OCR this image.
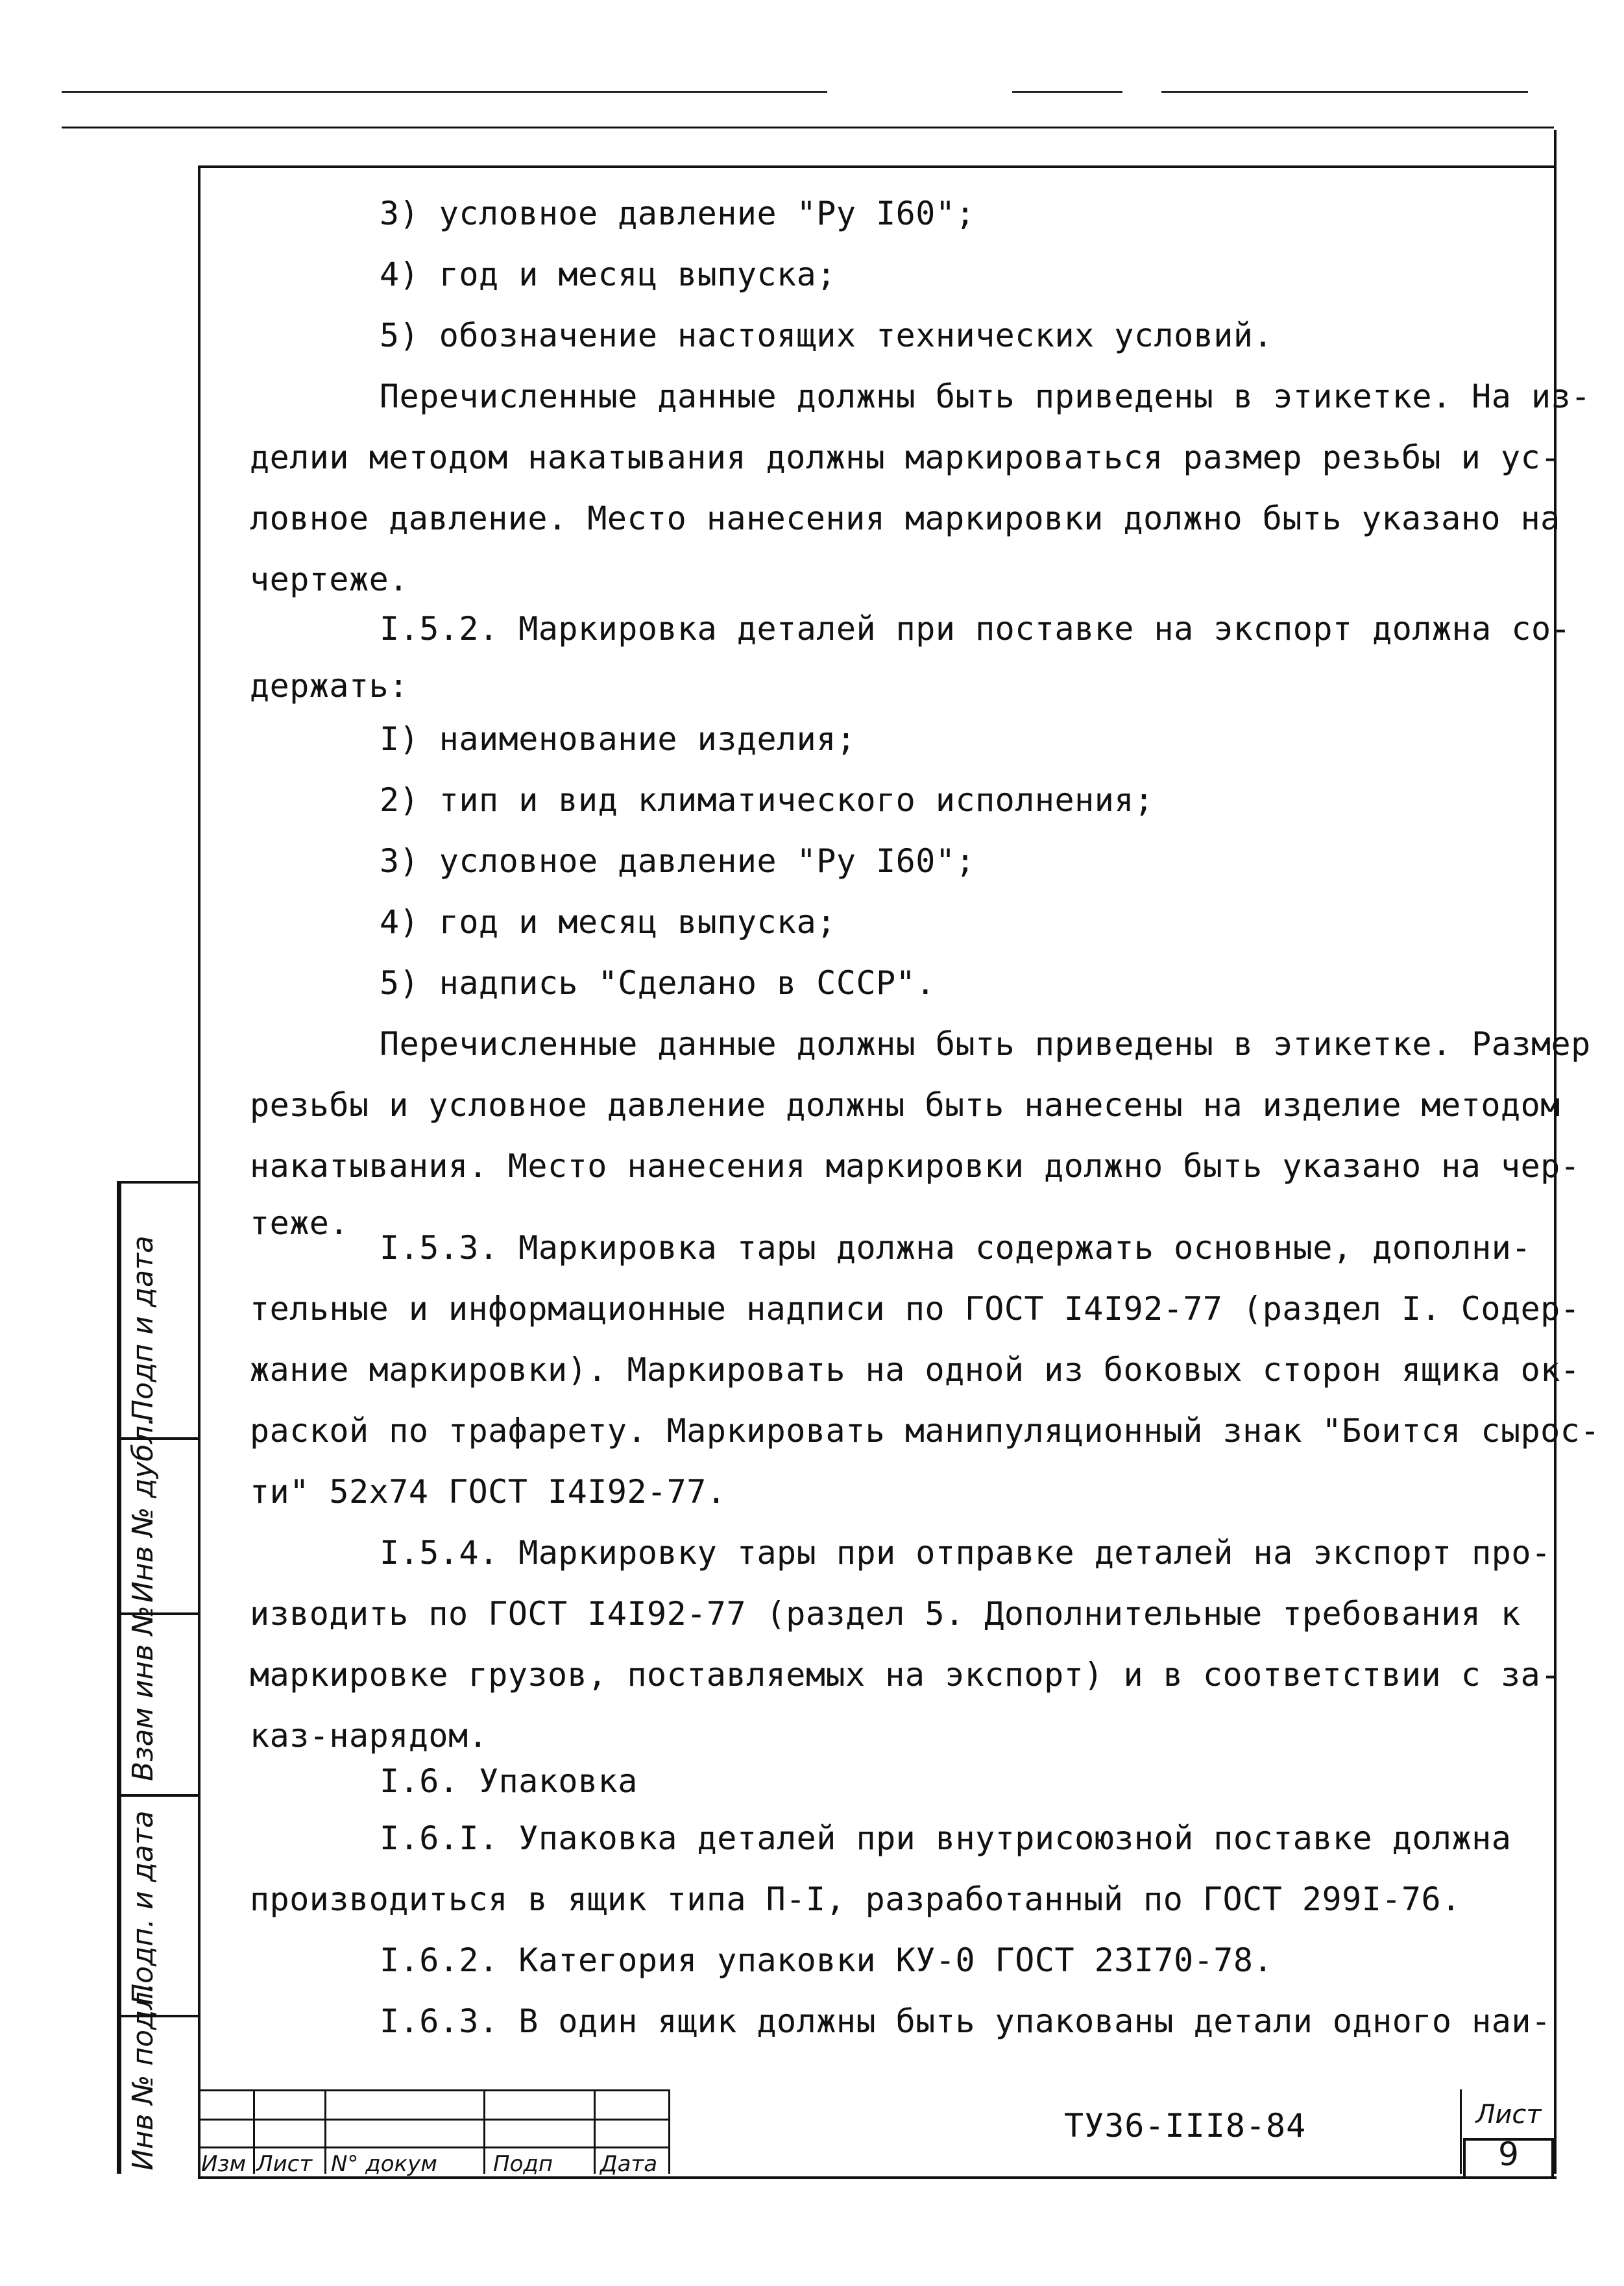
3) условное давление "Ру I60";
4) год и месяц выпуска;
5) обозначение настоящих технических условий.
Перечисленные данные должны быть приведены в этикетке. На из-
делии методом накатывания должны маркироваться размер резьбы и ус-
ловное давление. Место нанесения маркировки должно быть указано на
чертеже.
I.5.2. Маркировка деталей при поставке на экспорт должна со-
держать:
I) наименование изделия;
2) тип и вид климатического исполнения;
3) условное давление "Ру I60";
4) год и месяц выпуска;
5) надпись "Сделано в СССР".
Перечисленные данные должны быть приведены в этикетке. Размер
резьбы и условное давление должны быть нанесены на изделие методом
накатывания. Место нанесения маркировки должно быть указано на чер-
теже.
I.5.3. Маркировка тары должна содержать основные, дополни-
тельные и информационные надписи по ГОСТ I4I92-77 (раздел I. Содер-
жание маркировки). Маркировать на одной из боковых сторон ящика ок-
раской по трафарету. Маркировать манипуляционный знак "Боится сырос-
ти" 52x74 ГОСТ I4I92-77.
I.5.4. Маркировку тары при отправке деталей на экспорт про-
изводить по ГОСТ I4I92-77 (раздел 5. Дополнительные требования к
маркировке грузов, поставляемых на экспорт) и в соответствии с за-
каз-нарядом.
I.6. Упаковка
I.6.I. Упаковка деталей при внутрисоюзной поставке должна
производиться в ящик типа П-I, разработанный по ГОСТ 299I-76.
I.6.2. Категория упаковки КУ-0 ГОСТ 23I70-78.
I.6.3. В один ящик должны быть упакованы детали одного наи-
Подп и дата
Инв № дубл.
Взам инв №
Подп. и дата
Инв № подл. Изм Лист N° докум	Подп Дата
ТУ36-III8-84	Лист
9
